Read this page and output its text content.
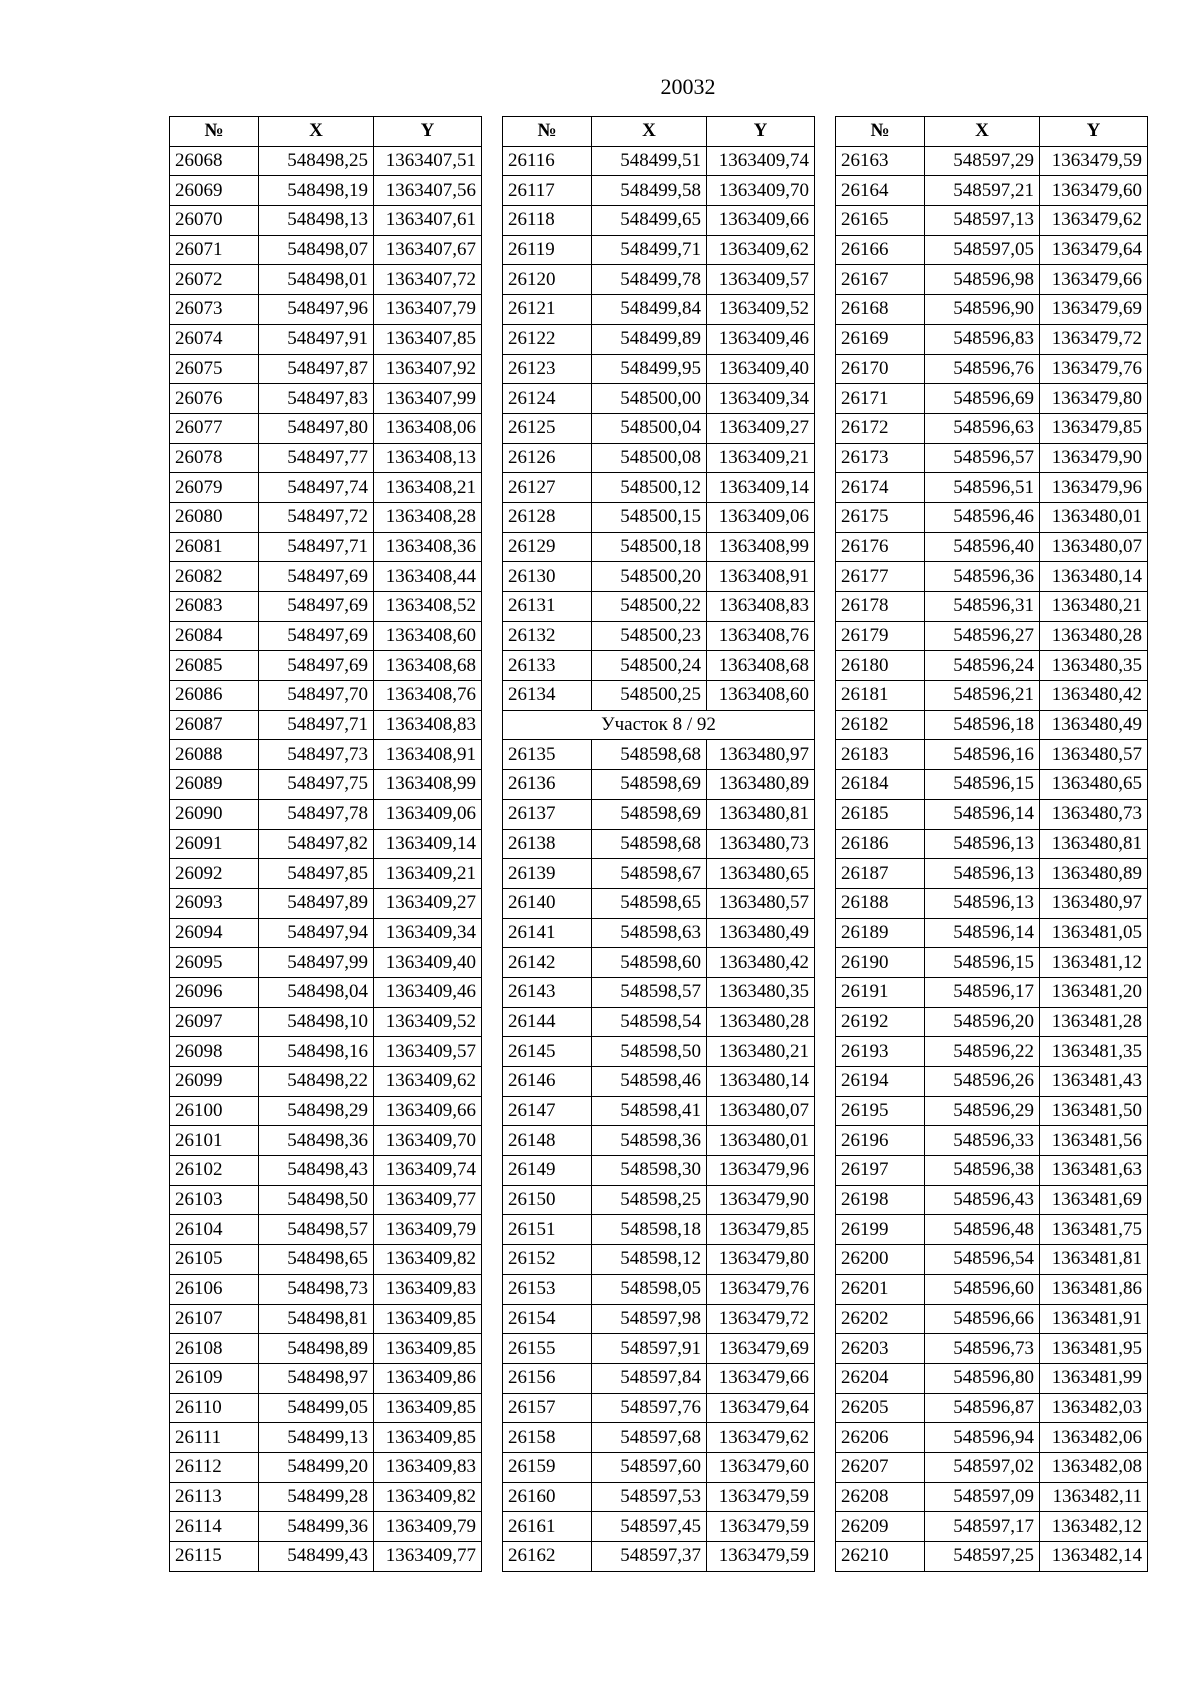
20032
№	X	Y
26068	548498,25	1363407,51
26069	548498,19	1363407,56
26070	548498,13	1363407,61
26071	548498,07	1363407,67
26072	548498,01	1363407,72
26073	548497,96	1363407,79
26074	548497,91	1363407,85
26075	548497,87	1363407,92
26076	548497,83	1363407,99
26077	548497,80	1363408,06
26078	548497,77	1363408,13
26079	548497,74	1363408,21
26080	548497,72	1363408,28
26081	548497,71	1363408,36
26082	548497,69	1363408,44
26083	548497,69	1363408,52
26084	548497,69	1363408,60
26085	548497,69	1363408,68
26086	548497,70	1363408,76
26087	548497,71	1363408,83
26088	548497,73	1363408,91
26089	548497,75	1363408,99
26090	548497,78	1363409,06
26091	548497,82	1363409,14
26092	548497,85	1363409,21
26093	548497,89	1363409,27
26094	548497,94	1363409,34
26095	548497,99	1363409,40
26096	548498,04	1363409,46
26097	548498,10	1363409,52
26098	548498,16	1363409,57
26099	548498,22	1363409,62
26100	548498,29	1363409,66
26101	548498,36	1363409,70
26102	548498,43	1363409,74
26103	548498,50	1363409,77
26104	548498,57	1363409,79
26105	548498,65	1363409,82
26106	548498,73	1363409,83
26107	548498,81	1363409,85
26108	548498,89	1363409,85
26109	548498,97	1363409,86
26110	548499,05	1363409,85
26111	548499,13	1363409,85
26112	548499,20	1363409,83
26113	548499,28	1363409,82
26114	548499,36	1363409,79
26115	548499,43	1363409,77
№	X	Y
26116	548499,51	1363409,74
26117	548499,58	1363409,70
26118	548499,65	1363409,66
26119	548499,71	1363409,62
26120	548499,78	1363409,57
26121	548499,84	1363409,52
26122	548499,89	1363409,46
26123	548499,95	1363409,40
26124	548500,00	1363409,34
26125	548500,04	1363409,27
26126	548500,08	1363409,21
26127	548500,12	1363409,14
26128	548500,15	1363409,06
26129	548500,18	1363408,99
26130	548500,20	1363408,91
26131	548500,22	1363408,83
26132	548500,23	1363408,76
26133	548500,24	1363408,68
26134	548500,25	1363408,60
Участок 8 / 92		
26135	548598,68	1363480,97
26136	548598,69	1363480,89
26137	548598,69	1363480,81
26138	548598,68	1363480,73
26139	548598,67	1363480,65
26140	548598,65	1363480,57
26141	548598,63	1363480,49
26142	548598,60	1363480,42
26143	548598,57	1363480,35
26144	548598,54	1363480,28
26145	548598,50	1363480,21
26146	548598,46	1363480,14
26147	548598,41	1363480,07
26148	548598,36	1363480,01
26149	548598,30	1363479,96
26150	548598,25	1363479,90
26151	548598,18	1363479,85
26152	548598,12	1363479,80
26153	548598,05	1363479,76
26154	548597,98	1363479,72
26155	548597,91	1363479,69
26156	548597,84	1363479,66
26157	548597,76	1363479,64
26158	548597,68	1363479,62
26159	548597,60	1363479,60
26160	548597,53	1363479,59
26161	548597,45	1363479,59
26162	548597,37	1363479,59
№	X	Y
26163	548597,29	1363479,59
26164	548597,21	1363479,60
26165	548597,13	1363479,62
26166	548597,05	1363479,64
26167	548596,98	1363479,66
26168	548596,90	1363479,69
26169	548596,83	1363479,72
26170	548596,76	1363479,76
26171	548596,69	1363479,80
26172	548596,63	1363479,85
26173	548596,57	1363479,90
26174	548596,51	1363479,96
26175	548596,46	1363480,01
26176	548596,40	1363480,07
26177	548596,36	1363480,14
26178	548596,31	1363480,21
26179	548596,27	1363480,28
26180	548596,24	1363480,35
26181	548596,21	1363480,42
26182	548596,18	1363480,49
26183	548596,16	1363480,57
26184	548596,15	1363480,65
26185	548596,14	1363480,73
26186	548596,13	1363480,81
26187	548596,13	1363480,89
26188	548596,13	1363480,97
26189	548596,14	1363481,05
26190	548596,15	1363481,12
26191	548596,17	1363481,20
26192	548596,20	1363481,28
26193	548596,22	1363481,35
26194	548596,26	1363481,43
26195	548596,29	1363481,50
26196	548596,33	1363481,56
26197	548596,38	1363481,63
26198	548596,43	1363481,69
26199	548596,48	1363481,75
26200	548596,54	1363481,81
26201	548596,60	1363481,86
26202	548596,66	1363481,91
26203	548596,73	1363481,95
26204	548596,80	1363481,99
26205	548596,87	1363482,03
26206	548596,94	1363482,06
26207	548597,02	1363482,08
26208	548597,09	1363482,11
26209	548597,17	1363482,12
26210	548597,25	1363482,14
